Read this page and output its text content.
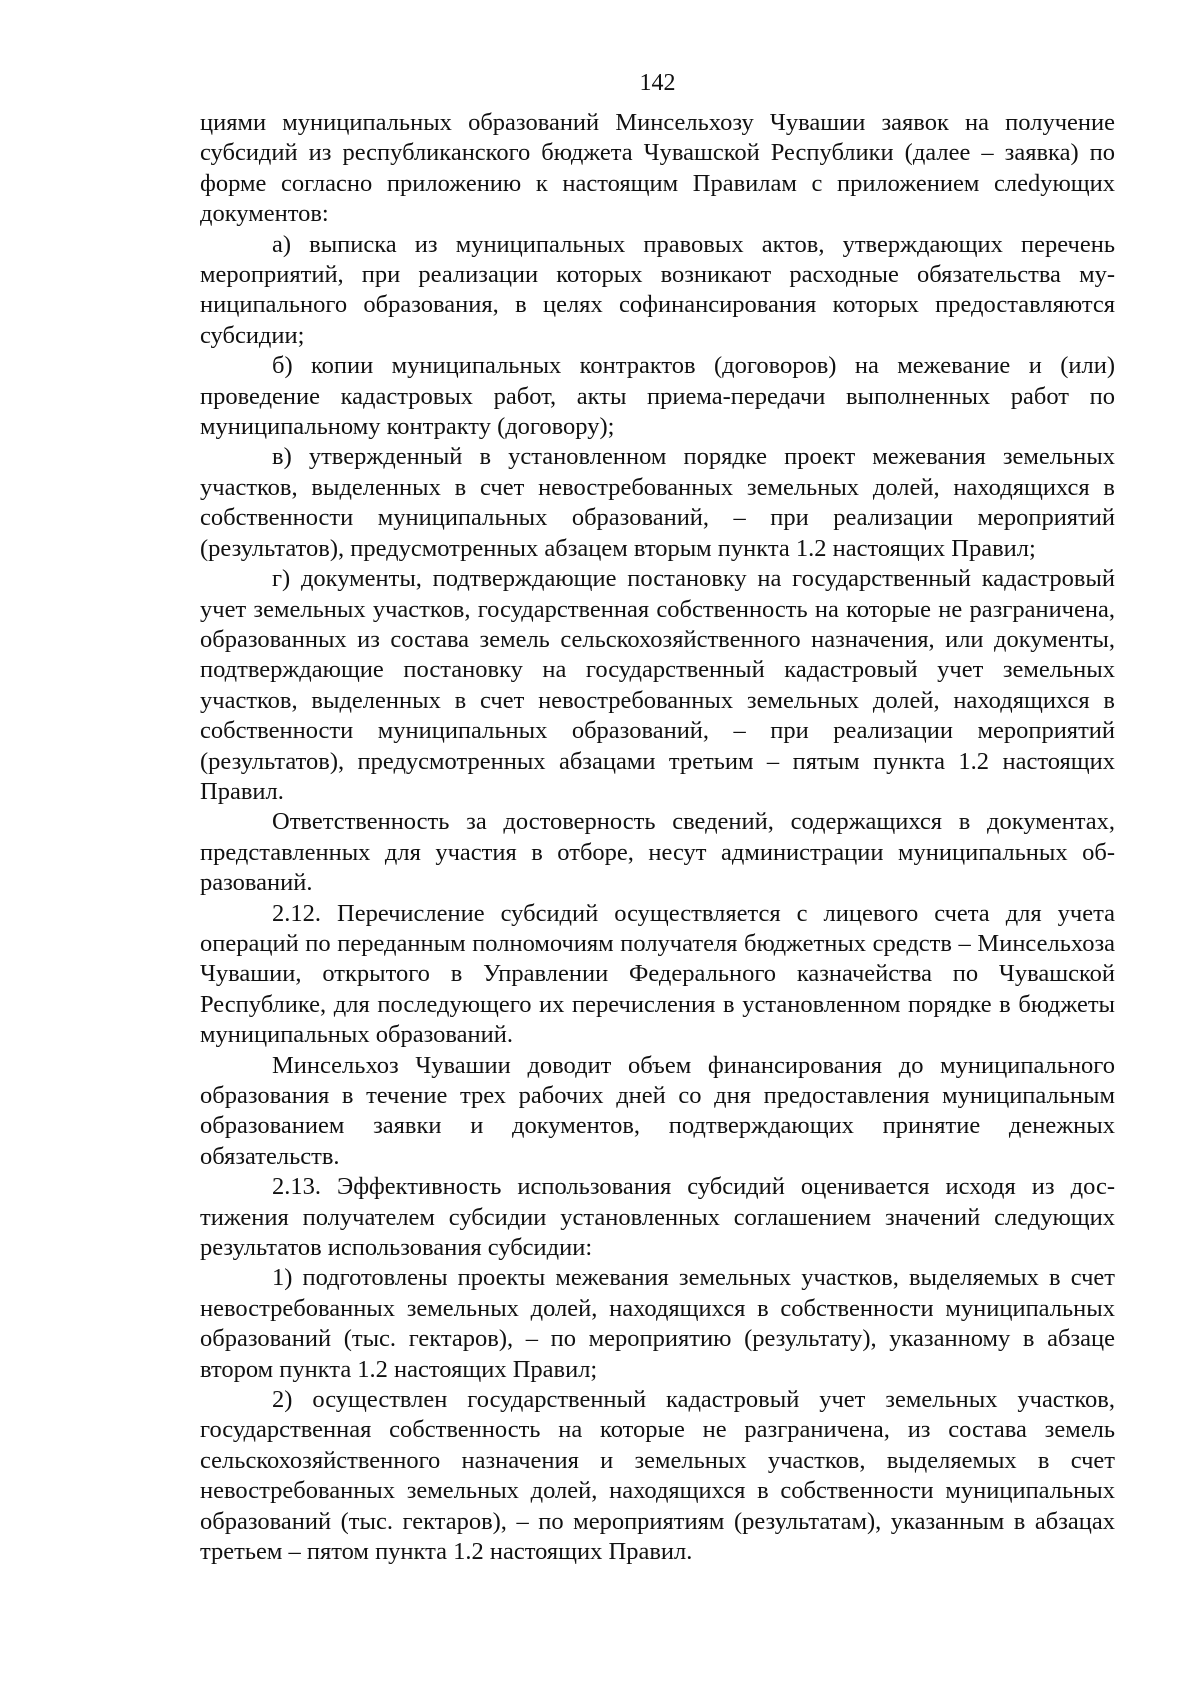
142

циями муниципальных образований Минсельхозу Чувашии заявок на получение субсидий из республиканского бюджета Чувашской Республики (далее – заявка) по форме согласно приложению к настоящим Правилам с приложением слеdующих документов:

а) выписка из муниципальных правовых актов, утверждающих перечень мероприятий, при реализации которых возникают расходные обязательства муниципального образования, в целях софинансирования которых предоставляются субсидии;

б) копии муниципальных контрактов (договоров) на межевание и (или) проведение кадастровых работ, акты приема-передачи выполненных работ по муниципальному контракту (договору);

в) утвержденный в установленном порядке проект межевания земельных участков, выделенных в счет невостребованных земельных долей, находящихся в собственности муниципальных образований, – при реализации мероприятий (результатов), предусмотренных абзацем вторым пункта 1.2 настоящих Правил;

г) документы, подтверждающие постановку на государственный кадастровый учет земельных участков, государственная собственность на которые не разграничена, образованных из состава земель сельскохозяйственного назначения, или документы, подтверждающие постановку на государственный кадастровый учет земельных участков, выделенных в счет невостребованных земельных долей, находящихся в собственности муниципальных образований, – при реализации мероприятий (результатов), предусмотренных абзацами третьим – пятым пункта 1.2 настоящих Правил.

Ответственность за достоверность сведений, содержащихся в документах, представленных для участия в отборе, несут администрации муниципальных образований.

2.12. Перечисление субсидий осуществляется с лицевого счета для учета операций по переданным полномочиям получателя бюджетных средств – Минсельхоза Чувашии, открытого в Управлении Федерального казначейства по Чувашской Республике, для последующего их перечисления в установленном порядке в бюджеты муниципальных образований.

Минсельхоз Чувашии доводит объем финансирования до муниципального образования в течение трех рабочих дней со дня предоставления муниципальным образованием заявки и документов, подтверждающих принятие денежных обязательств.

2.13. Эффективность использования субсидий оценивается исходя из достижения получателем субсидии установленных соглашением значений следующих результатов использования субсидии:

1) подготовлены проекты межевания земельных участков, выделяемых в счет невостребованных земельных долей, находящихся в собственности муниципальных образований (тыс. гектаров), – по мероприятию (результату), указанному в абзаце втором пункта 1.2 настоящих Правил;

2) осуществлен государственный кадастровый учет земельных участков, государственная собственность на которые не разграничена, из состава земель сельскохозяйственного назначения и земельных участков, выделяемых в счет невостребованных земельных долей, находящихся в собственности муниципальных образований (тыс. гектаров), – по мероприятиям (результатам), указанным в абзацах третьем – пятом пункта 1.2 настоящих Правил.
